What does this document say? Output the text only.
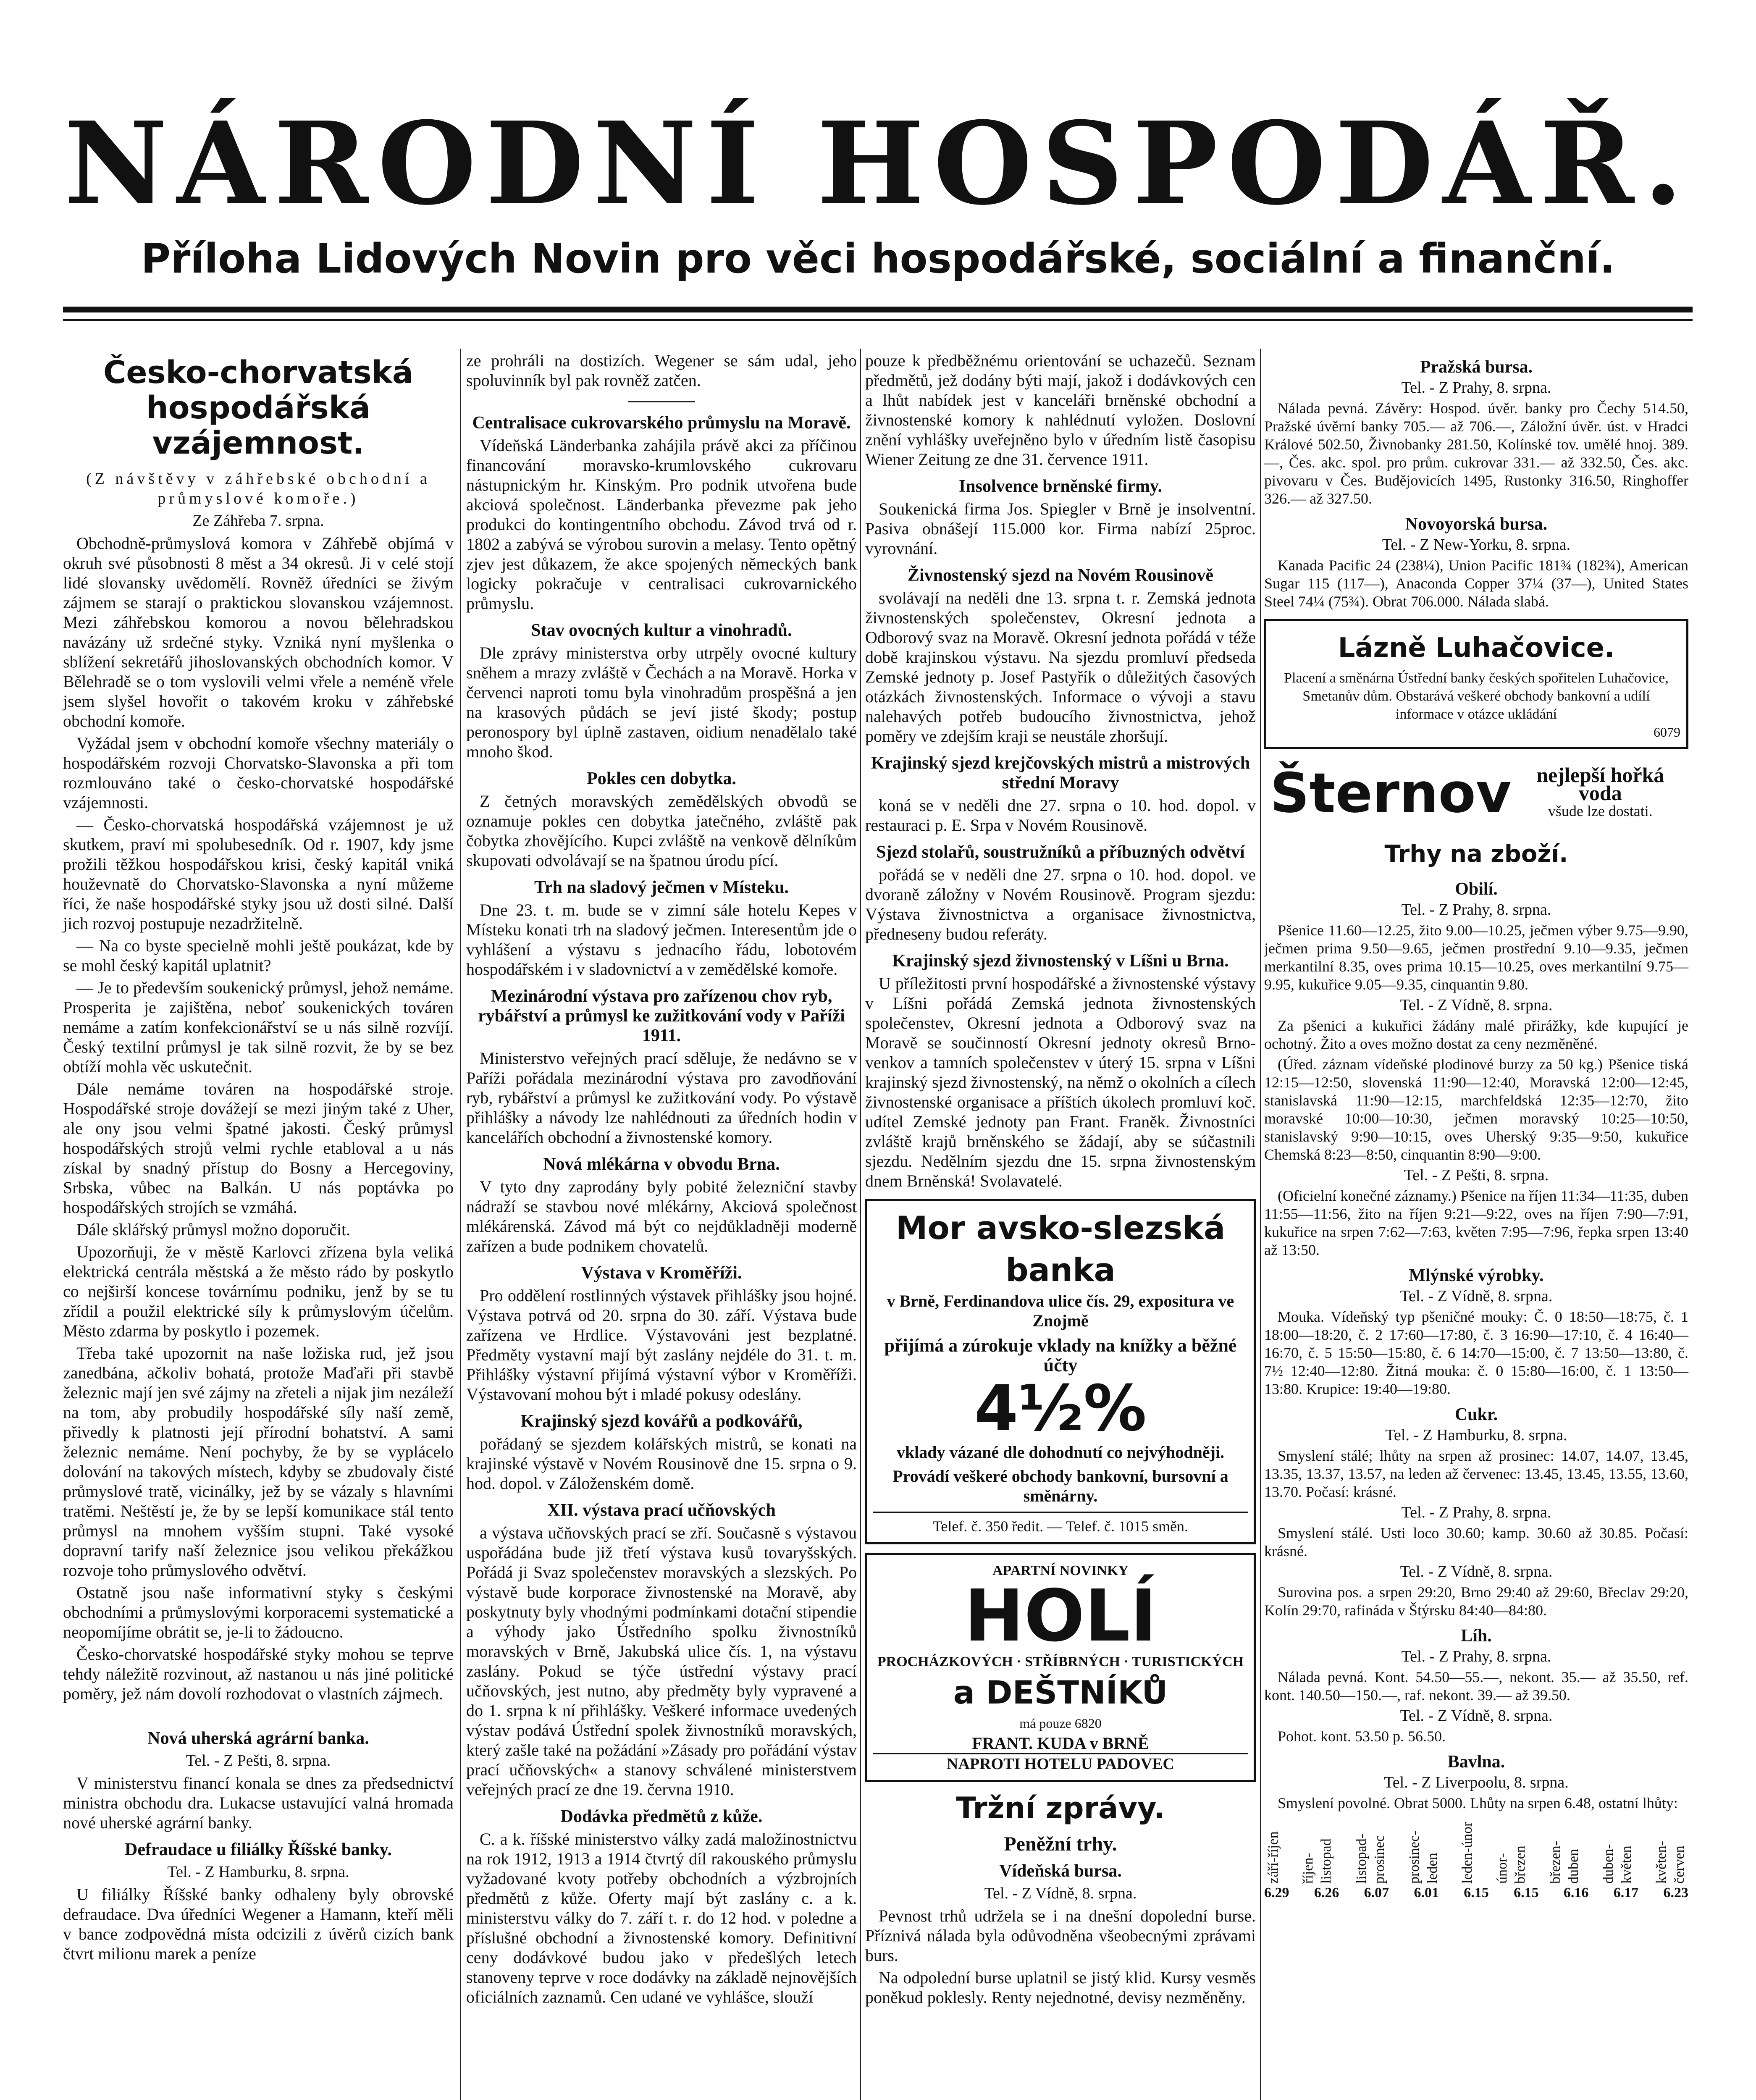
NÁRODNÍ HOSPODÁŘ.
Příloha Lidových Novin pro věci hospodářské, sociální a finanční.
Česko-chorvatská hospodářská vzájemnost.
(Z návštěvy v záhřebské obchodní a průmyslové komoře.)
Ze Záhřeba 7. srpna.

Obchodně-průmyslová komora v Záhřebě objímá v okruh své působnosti 8 měst a 34 okresů. Ji v celé stojí lidé slovansky uvědomělí. Rovněž úředníci se živým zájmem se starají o praktickou slovanskou vzájemnost. Mezi záhřebskou komorou a novou bělehradskou navázány už srdečné styky. Vzniká nyní myšlenka o sblížení sekretářů jihoslovanských obchodních komor. V Bělehradě se o tom vyslovili velmi vřele a neméně vřele jsem slyšel hovořit o takovém kroku v záhřebské obchodní komoře.

Vyžádal jsem v obchodní komoře všechny materiály o hospodářském rozvoji Chorvatsko-Slavonska a při tom rozmlouváno také o česko-chorvatské hospodářské vzájemnosti.

— Česko-chorvatská hospodářská vzájemnost je už skutkem, praví mi spolubesedník. Od r. 1907, kdy jsme prožili těžkou hospodářskou krisi, český kapitál vniká houževnatě do Chorvatsko-Slavonska a nyní můžeme říci, že naše hospodářské styky jsou už dosti silné. Další jich rozvoj postupuje nezadržitelně.

— Na co byste specielně mohli ještě poukázat, kde by se mohl český kapitál uplatnit?

— Je to především soukenický průmysl, jehož nemáme. Prosperita je zajištěna, neboť soukenických továren nemáme a zatím konfekcionářství se u nás silně rozvíjí. Český textilní průmysl je tak silně rozvit, že by se bez obtíží mohla věc uskutečnit.

Dále nemáme továren na hospodářské stroje. Hospodářské stroje dovážejí se mezi jiným také z Uher, ale ony jsou velmi špatné jakosti. Český průmysl hospodářských strojů velmi rychle etabloval a u nás získal by snadný přístup do Bosny a Hercegoviny, Srbska, vůbec na Balkán. U nás poptávka po hospodářských strojích se vzmáhá.

Dále sklářský průmysl možno doporučit.

Upozorňuji, že v městě Karlovci zřízena byla veliká elektrická centrála městská a že město rádo by poskytlo co nejširší koncese továrnímu podniku, jenž by se tu zřídil a použil elektrické síly k průmyslovým účelům. Město zdarma by poskytlo i pozemek.

Třeba také upozornit na naše ložiska rud, jež jsou zanedbána, ačkoliv bohatá, protože Maďaři při stavbě železnic mají jen své zájmy na zřeteli a nijak jim nezáleží na tom, aby probudily hospodářské síly naší země, přivedly k platnosti její přírodní bohatství. A sami železnic nemáme. Není pochyby, že by se vyplácelo dolování na takových místech, kdyby se zbudovaly čisté průmyslové tratě, vicinálky, jež by se vázaly s hlavními tratěmi. Neštěstí je, že by se lepší komunikace stál tento průmysl na mnohem vyšším stupni. Také vysoké dopravní tarify naší železnice jsou velikou překážkou rozvoje toho průmyslového odvětví.

Ostatně jsou naše informativní styky s českými obchodními a průmyslovými korporacemi systematické a neopomíjíme obrátit se, je-li to žádoucno.

Česko-chorvatské hospodářské styky mohou se teprve tehdy náležitě rozvinout, až nastanou u nás jiné politické poměry, jež nám dovolí rozhodovat o vlastních zájmech.

Nová uherská agrární banka.
Tel. - Z Pešti, 8. srpna.

V ministerstvu financí konala se dnes za předsednictví ministra obchodu dra. Lukacse ustavující valná hromada nové uherské agrární banky.

Defraudace u filiálky Říšské banky.
Tel. - Z Hamburku, 8. srpna.

U filiálky Říšské banky odhaleny byly obrovské defraudace. Dva úředníci Wegener a Hamann, kteří měli v bance zodpovědná místa odcizili z úvěrů cizích bank čtvrt milionu marek a peníze

ze prohráli na dostizích. Wegener se sám udal, jeho spoluvinník byl pak rovněž zatčen.

Centralisace cukrovarského průmyslu na Moravě.

Vídeňská Länderbanka zahájila právě akci za příčinou financování moravsko-krumlovského cukrovaru nástupnickým hr. Kinským. Pro podnik utvořena bude akciová společnost. Länderbanka převezme pak jeho produkci do kontingentního obchodu. Závod trvá od r. 1802 a zabývá se výrobou surovin a melasy. Tento opětný zjev jest důkazem, že akce spojených německých bank logicky pokračuje v centralisaci cukrovarnického průmyslu.

Stav ovocných kultur a vinohradů.

Dle zprávy ministerstva orby utrpěly ovocné kultury sněhem a mrazy zvláště v Čechách a na Moravě. Horka v červenci naproti tomu byla vinohradům prospěšná a jen na krasových půdách se jeví jisté škody; postup peronospory byl úplně zastaven, oidium nenadělalo také mnoho škod.

Pokles cen dobytka.

Z četných moravských zemědělských obvodů se oznamuje pokles cen dobytka jatečného, zvláště pak čobytka zhovějícího. Kupci zvláště na venkově dělníkům skupovati odvolávají se na špatnou úrodu pící.

Trh na sladový ječmen v Místeku.

Dne 23. t. m. bude se v zimní sále hotelu Kepes v Místeku konati trh na sladový ječmen. Interesentům jde o vyhlášení a výstavu s jednacího řádu, lobotovém hospodářském i v sladovnictví a v zemědělské komoře.

Mezinárodní výstava pro zařízenou chov ryb, rybářství a průmysl ke zužitkování vody v Paříži 1911.

Ministerstvo veřejných prací sděluje, že nedávno se v Paříži pořádala mezinárodní výstava pro zavodňování ryb, rybářství a průmysl ke zužitkování vody. Po výstavě přihlášky a návody lze nahlédnouti za úředních hodin v kancelářích obchodní a živnostenské komory.

Nová mlékárna v obvodu Brna.

V tyto dny zaprodány byly pobité železniční stavby nádraží se stavbou nové mlékárny, Akciová společnost mlékárenská. Závod má být co nejdůkladněji moderně zařízen a bude podnikem chovatelů.

Výstava v Kroměříži.

Pro oddělení rostlinných výstavek přihlášky jsou hojné. Výstava potrvá od 20. srpna do 30. září. Výstava bude zařízena ve Hrdlice. Výstavováni jest bezplatné. Předměty vystavní mají být zaslány nejdéle do 31. t. m. Přihlášky výstavní přijímá výstavní výbor v Kroměříži. Výstavovaní mohou být i mladé pokusy odeslány.

Krajinský sjezd kovářů a podkovářů,

pořádaný se sjezdem kolářských mistrů, se konati na krajinské výstavě v Novém Rousinově dne 15. srpna o 9. hod. dopol. v Záloženském domě.

XII. výstava prací učňovských

a výstava učňovských prací se zří. Současně s výstavou uspořádána bude již třetí výstava kusů tovaryšských. Pořádá ji Svaz společenstev moravských a slezských. Po výstavě bude korporace živnostenské na Moravě, aby poskytnuty byly vhodnými podmínkami dotační stipendie a výhody jako Ústředního spolku živnostníků moravských v Brně, Jakubská ulice čís. 1, na výstavu zaslány. Pokud se týče ústřední výstavy prací učňovských, jest nutno, aby předměty byly vypravené a do 1. srpna k ní přihlášky. Veškeré informace uvedených výstav podává Ústřední spolek živnostníků moravských, který zašle také na požádání »Zásady pro pořádání výstav prací učňovských« a stanovy schválené ministerstvem veřejných prací ze dne 19. června 1910.

Dodávka předmětů z kůže.

C. a k. říšské ministerstvo války zadá maložinostnictvu na rok 1912, 1913 a 1914 čtvrtý díl rakouského průmyslu vyžadované kvoty potřeby obchodních a výzbrojních předmětů z kůže. Oferty mají být zaslány c. a k. ministerstvu války do 7. září t. r. do 12 hod. v poledne a příslušné obchodní a živnostenské komory. Definitivní ceny dodávkové budou jako v předešlých letech stanoveny teprve v roce dodávky na základě nejnovějších oficiálních zaznamů. Cen udané ve vyhlášce, slouží

pouze k předběžnému orientování se uchazečů. Seznam předmětů, jež dodány býti mají, jakož i dodávkových cen a lhůt nabídek jest v kanceláři brněnské obchodní a živnostenské komory k nahlédnutí vyložen. Doslovní znění vyhlášky uveřejněno bylo v úředním listě časopisu Wiener Zeitung ze dne 31. července 1911.

Insolvence brněnské firmy.

Soukenická firma Jos. Spiegler v Brně je insolventní. Pasiva obnášejí 115.000 kor. Firma nabízí 25proc. vyrovnání.

Živnostenský sjezd na Novém Rousinově

svolávají na neděli dne 13. srpna t. r. Zemská jednota živnostenských společenstev, Okresní jednota a Odborový svaz na Moravě. Okresní jednota pořádá v téže době krajinskou výstavu. Na sjezdu promluví předseda Zemské jednoty p. Josef Pastyřík o důležitých časových otázkách živnostenských. Informace o vývoji a stavu nalehavých potřeb budoucího živnostnictva, jehož poměry ve zdejším kraji se neustále zhoršují.

Krajinský sjezd krejčovských mistrů a mistrových střední Moravy

koná se v neděli dne 27. srpna o 10. hod. dopol. v restauraci p. E. Srpa v Novém Rousinově.

Sjezd stolařů, soustružníků a příbuzných odvětví

pořádá se v neděli dne 27. srpna o 10. hod. dopol. ve dvoraně záložny v Novém Rousinově. Program sjezdu: Výstava živnostnictva a organisace živnostnictva, předneseny budou referáty.

Krajinský sjezd živnostenský v Líšni u Brna.

U příležitosti první hospodářské a živnostenské výstavy v Líšni pořádá Zemská jednota živnostenských společenstev, Okresní jednota a Odborový svaz na Moravě se součinností Okresní jednoty okresů Brno-venkov a tamních společenstev v úterý 15. srpna v Líšni krajinský sjezd živnostenský, na němž o okolních a cílech živnostenské organisace a příštích úkolech promluví koč. udítel Zemské jednoty pan Frant. Franěk. Živnostníci zvláště krajů brněnského se žádají, aby se súčastnili sjezdu. Nedělním sjezdu dne 15. srpna živnostenským dnem Brněnská! Svolavatelé.

Mor avsko-slezská banka
v Brně, Ferdinandova ulice čís. 29, expositura ve Znojmě
přijímá a zúrokuje vklady na knížky a běžné účty
4½%
vklady vázané dle dohodnutí co nejvýhodněji.
Provádí veškeré obchody bankovní, bursovní a směnárny.
Telef. č. 350 ředit. — Telef. č. 1015 směn.
APARTNÍ NOVINKY
HOLÍ
PROCHÁZKOVÝCH · STŘÍBRNÝCH · TURISTICKÝCH
a DEŠTNÍKŮ
má pouze 6820
FRANT. KUDA v BRNĚ
NAPROTI HOTELU PADOVEC
Tržní zprávy.
Peněžní trhy.
Vídeňská bursa.
Tel. - Z Vídně, 8. srpna.

Pevnost trhů udržela se i na dnešní dopolední burse. Příznivá nálada byla odůvodněna všeobecnými zprávami burs.

Na odpolední burse uplatnil se jistý klid. Kursy vesměs poněkud poklesly. Renty nejednotné, devisy nezměněny.

Pražská bursa.
Tel. - Z Prahy, 8. srpna.

Nálada pevná. Závěry: Hospod. úvěr. banky pro Čechy 514.50, Pražské úvěrní banky 705.— až 706.—, Záložní úvěr. úst. v Hradci Králové 502.50, Živnobanky 281.50, Kolínské tov. umělé hnoj. 389.—, Čes. akc. spol. pro prům. cukrovar 331.— až 332.50, Čes. akc. pivovaru v Čes. Budějovicích 1495, Rustonky 316.50, Ringhoffer 326.— až 327.50.

Novoyorská bursa.
Tel. - Z New-Yorku, 8. srpna.

Kanada Pacific 24 (238¼), Union Pacific 181¾ (182¾), American Sugar 115 (117—), Anaconda Copper 37¼ (37—), United States Steel 74¼ (75¾). Obrat 706.000. Nálada slabá.

Lázně Luhačovice.
Placení a směnárna Ústřední banky českých spořitelen Luhačovice, Smetanův dům. Obstarává veškeré obchody bankovní a udílí informace v otázce ukládání
6079
Šternov	nejlepší hořká voda
všude lze dostati.
Trhy na zboží.
Obilí.
Tel. - Z Prahy, 8. srpna.

Pšenice 11.60—12.25, žito 9.00—10.25, ječmen výber 9.75—9.90, ječmen prima 9.50—9.65, ječmen prostřední 9.10—9.35, ječmen merkantilní 8.35, oves prima 10.15—10.25, oves merkantilní 9.75—9.95, kukuřice 9.05—9.35, cinquantin 9.80.

Tel. - Z Vídně, 8. srpna.

Za pšenici a kukuřici žádány malé přirážky, kde kupující je ochotný. Žito a oves možno dostat za ceny nezměněné.

(Úřed. záznam vídeňské plodinové burzy za 50 kg.) Pšenice tiská 12:15—12:50, slovenská 11:90—12:40, Moravská 12:00—12:45, stanislavská 11:90—12:15, marchfeldská 12:35—12:70, žito moravské 10:00—10:30, ječmen moravský 10:25—10:50, stanislavský 9:90—10:15, oves Uherský 9:35—9:50, kukuřice Chemská 8:23—8:50, cinquantin 8:90—9:00.

Tel. - Z Pešti, 8. srpna.

(Oficielní konečné záznamy.) Pšenice na říjen 11:34—11:35, duben 11:55—11:56, žito na říjen 9:21—9:22, oves na říjen 7:90—7:91, kukuřice na srpen 7:62—7:63, květen 7:95—7:96, řepka srpen 13:40 až 13:50.

Mlýnské výrobky.
Tel. - Z Vídně, 8. srpna.

Mouka. Vídeňský typ pšeničné mouky: Č. 0 18:50—18:75, č. 1 18:00—18:20, č. 2 17:60—17:80, č. 3 16:90—17:10, č. 4 16:40—16:70, č. 5 15:50—15:80, č. 6 14:70—15:00, č. 7 13:50—13:80, č. 7½ 12:40—12:80. Žitná mouka: č. 0 15:80—16:00, č. 1 13:50—13:80. Krupice: 19:40—19:80.

Cukr.
Tel. - Z Hamburku, 8. srpna.

Smyslení stálé; lhůty na srpen až prosinec: 14.07, 14.07, 13.45, 13.35, 13.37, 13.57, na leden až červenec: 13.45, 13.45, 13.55, 13.60, 13.70. Počasí: krásné.

Tel. - Z Prahy, 8. srpna.

Smyslení stálé. Usti loco 30.60; kamp. 30.60 až 30.85. Počasí: krásné.

Tel. - Z Vídně, 8. srpna.

Surovina pos. a srpen 29:20, Brno 29:40 až 29:60, Břeclav 29:20, Kolín 29:70, rafináda v Štýrsku 84:40—84:80.

Líh.
Tel. - Z Prahy, 8. srpna.

Nálada pevná. Kont. 54.50—55.—, nekont. 35.— až 35.50, ref. kont. 140.50—150.—, raf. nekont. 39.— až 39.50.

Tel. - Z Vídně, 8. srpna.

Pohot. kont. 53.50 p. 56.50.

Bavlna.
Tel. - Z Liverpoolu, 8. srpna.

Smyslení povolné. Obrat 5000. Lhůty na srpen 6.48, ostatní lhůty:

září-říjen říjen-listopad listopad-prosinec prosinec-leden leden-únor únor-březen březen-duben duben-květen květen-červen
6.29 6.26 6.07 6.01 6.15 6.15 6.16 6.17 6.23
